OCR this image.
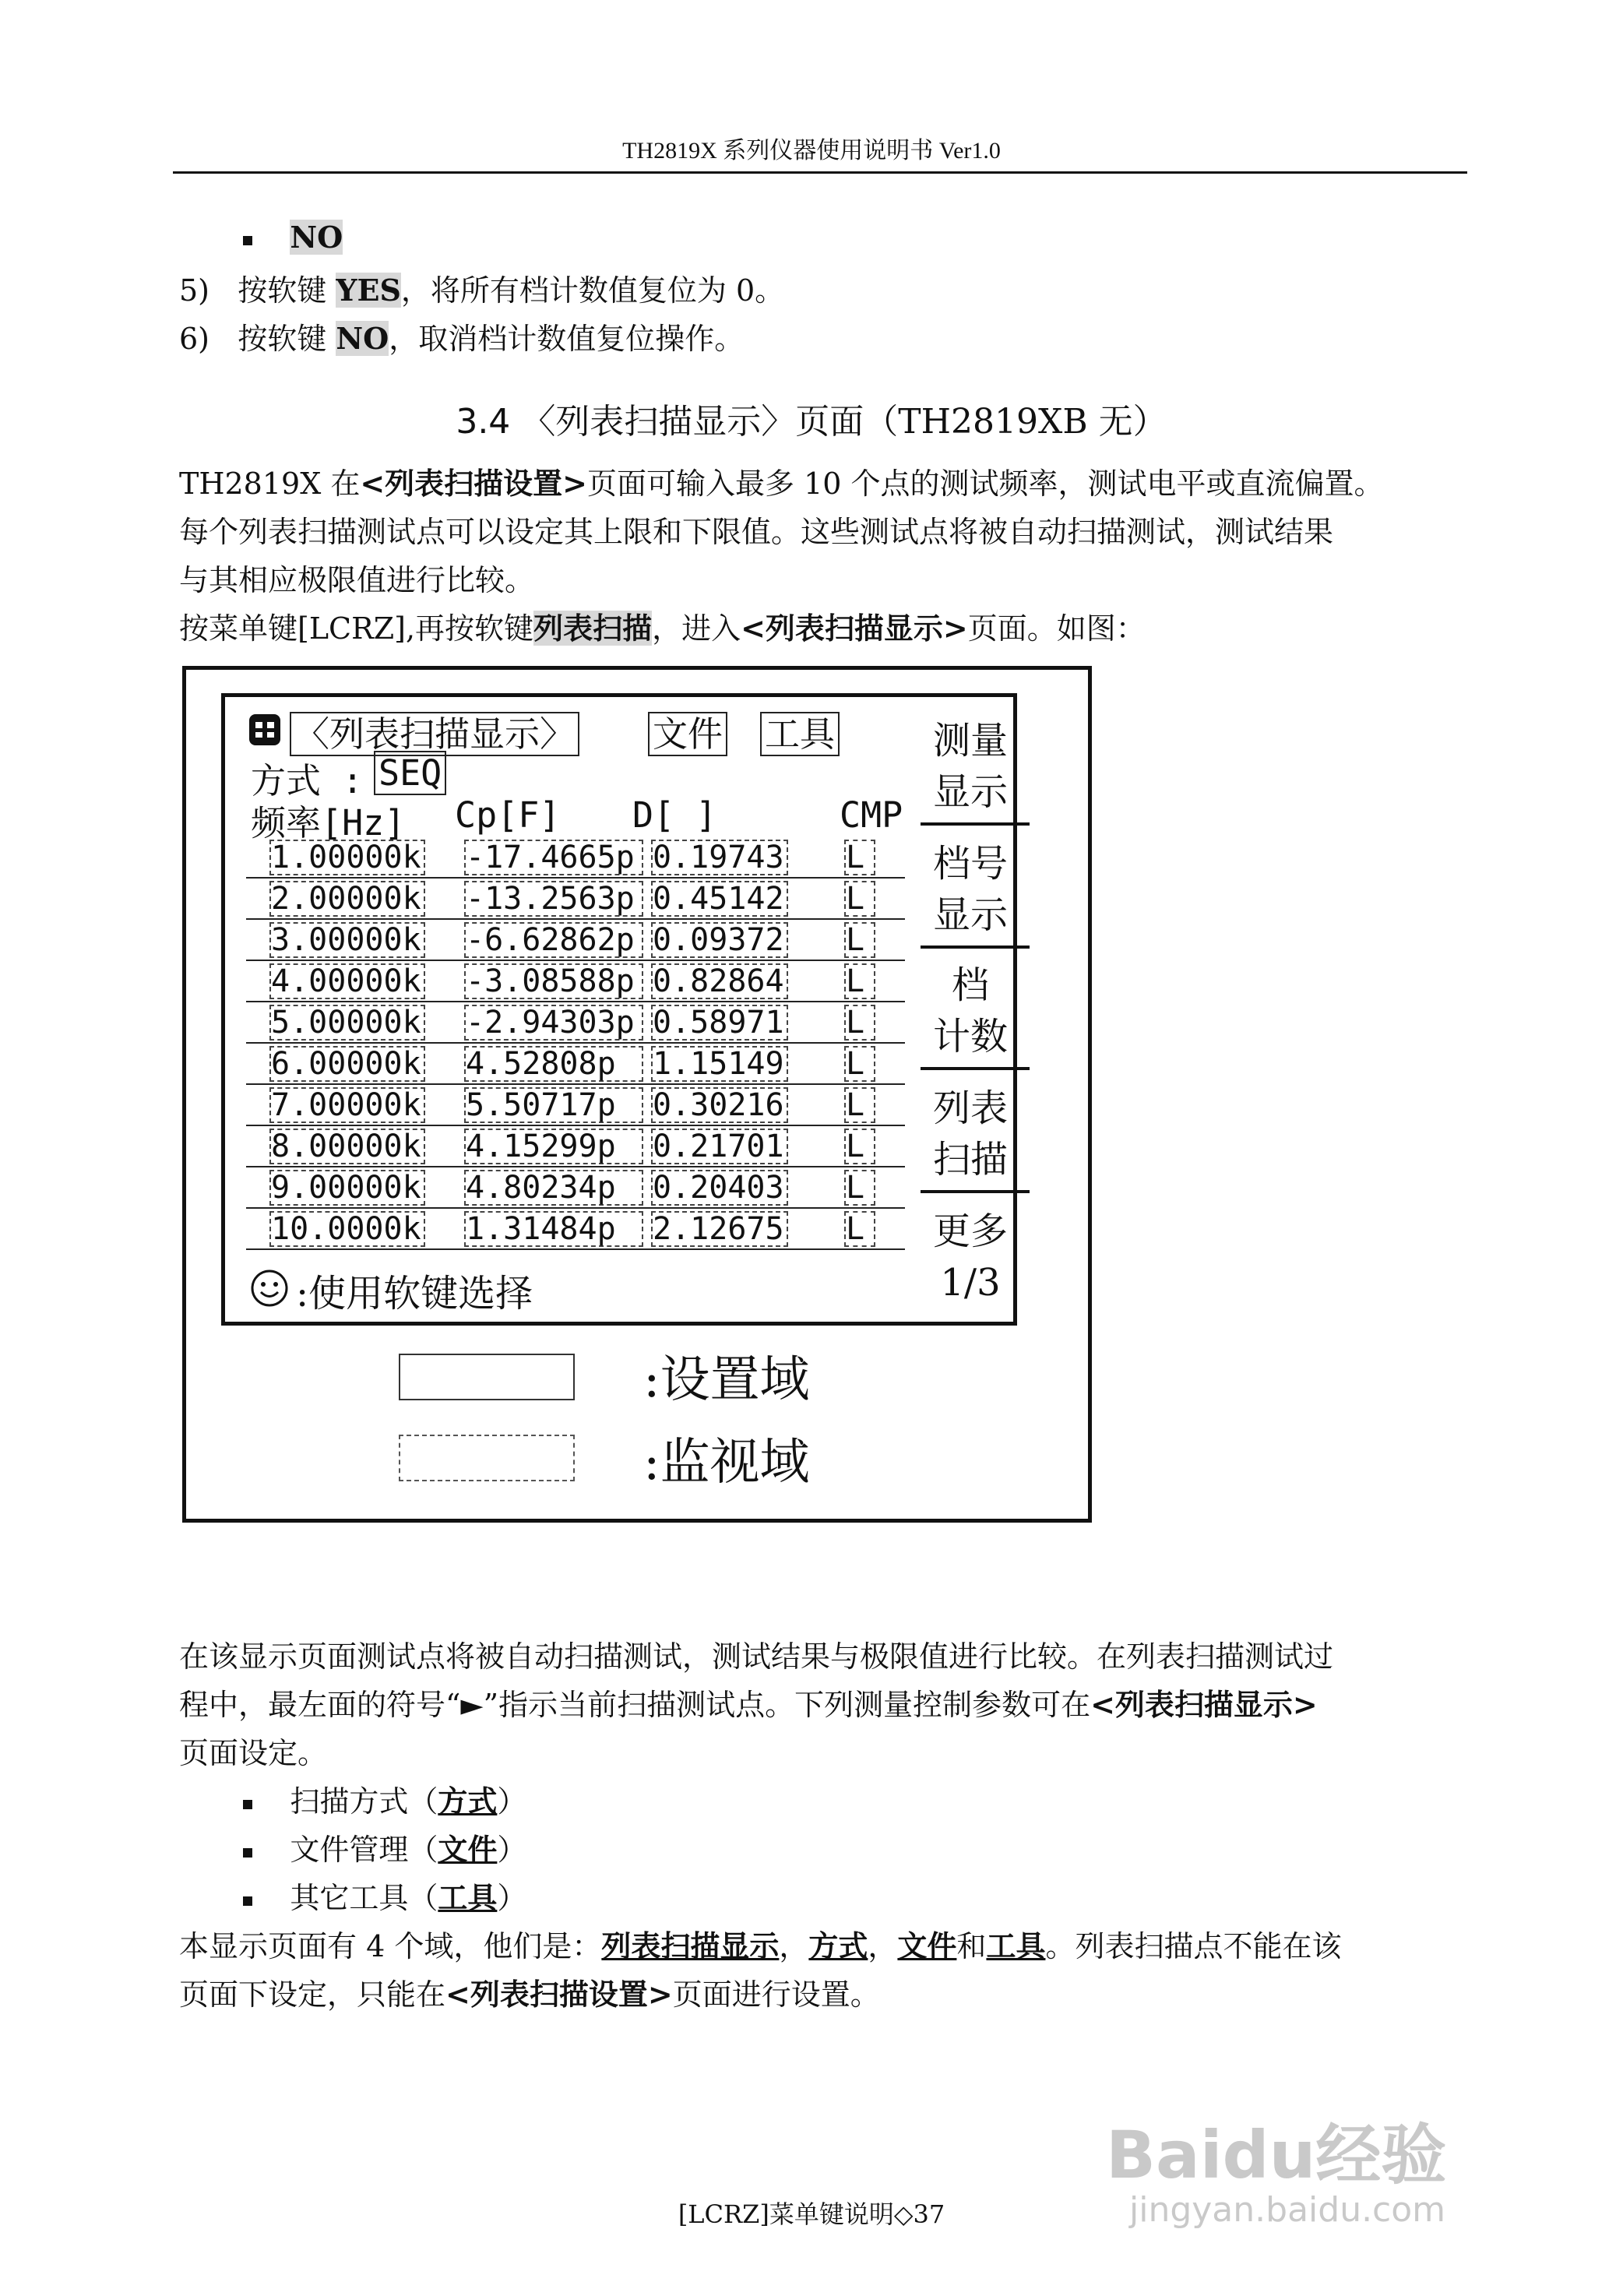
TH2819X 系列仪器使用说明书 Ver1.0
NO
5) 按软键 YES，将所有档计数值复位为 0。
6) 按软键 NO，取消档计数值复位操作。
3.4 〈列表扫描显示〉页面（TH2819XB 无）
TH2819X 在<列表扫描设置>页面可输入最多 10 个点的测试频率，测试电平或直流偏置。
每个列表扫描测试点可以设定其上限和下限值。这些测试点将被自动扫描测试，测试结果
与其相应极限值进行比较。
按菜单键[LCRZ],再按软键列表扫描，进入<列表扫描显示>页面。如图：
〈列表扫描显示〉 文件 工具
方式 : SEQ
频率[Hz] Cp[F] D[ ]	CMP
1.00000k -17.4665p 0.19743 L
2.00000k -13.2563p 0.45142 L
3.00000k -6.62862p 0.09372 L
4.00000k -3.08588p 0.82864 L
5.00000k -2.94303p 0.58971 L
6.00000k 4.52808p	1.15149 L
7.00000k 5.50717p	0.30216 L
8.00000k 4.15299p	0.21701 L
9.00000k 4.80234p	0.20403 L
10.0000k 1.31484p	2.12675 L
:使用软键选择
测量
显示
档号
显示
档
计数
列表
扫描
更多
1/3
:设置域
:监视域
在该显示页面测试点将被自动扫描测试，测试结果与极限值进行比较。在列表扫描测试过
程中，最左面的符号“►”指示当前扫描测试点。下列测量控制参数可在<列表扫描显示>
页面设定。
扫描方式（方式）
文件管理（文件）
其它工具（工具）
本显示页面有 4 个域，他们是：列表扫描显示，方式，文件和工具。列表扫描点不能在该
页面下设定，只能在<列表扫描设置>页面进行设置。
[LCRZ]菜单键说明◇37
Baidu经验
jingyan.baidu.com
